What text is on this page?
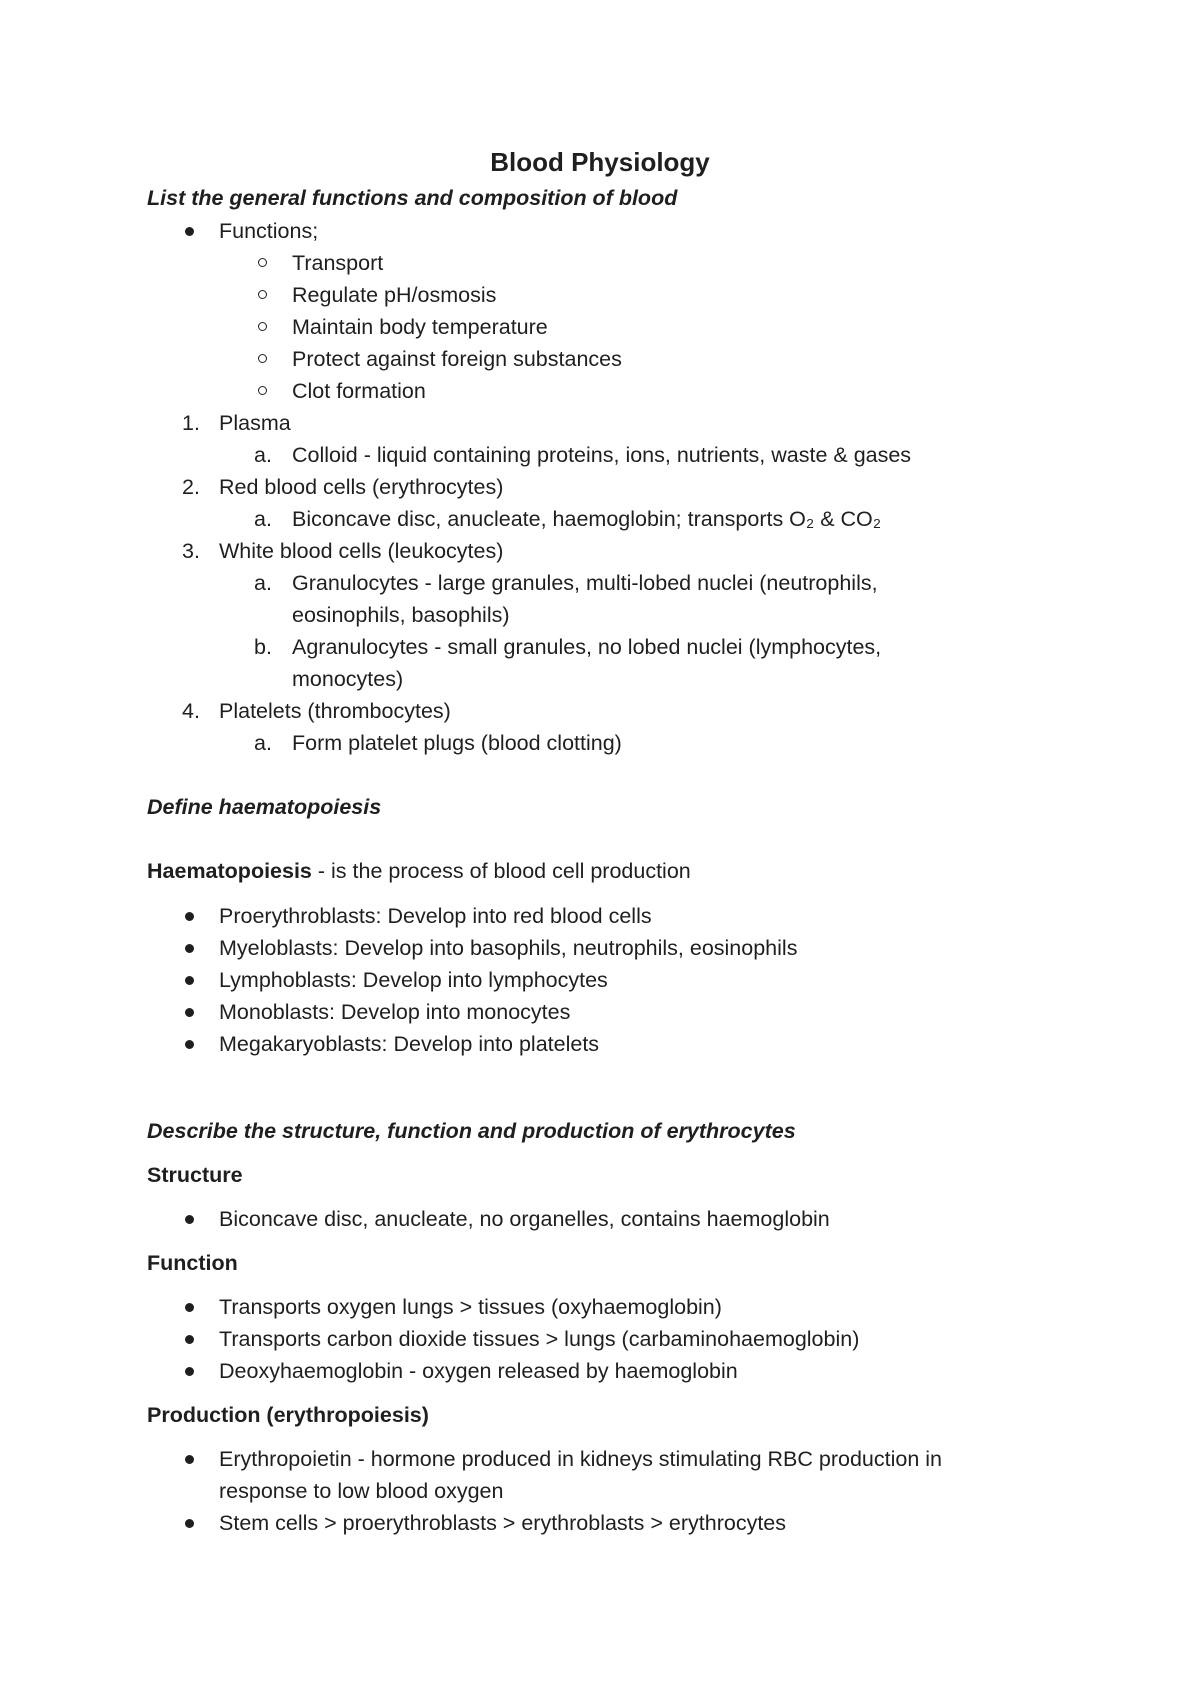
Blood Physiology
List the general functions and composition of blood
Functions;
Transport
Regulate pH/osmosis
Maintain body temperature
Protect against foreign substances
Clot formation
1. Plasma
a. Colloid - liquid containing proteins, ions, nutrients, waste & gases
2. Red blood cells (erythrocytes)
a. Biconcave disc, anucleate, haemoglobin; transports O₂ & CO₂
3. White blood cells (leukocytes)
a. Granulocytes - large granules, multi-lobed nuclei (neutrophils,
eosinophils, basophils)
b. Agranulocytes - small granules, no lobed nuclei (lymphocytes,
monocytes)
4. Platelets (thrombocytes)
a. Form platelet plugs (blood clotting)
Define haematopoiesis
Haematopoiesis - is the process of blood cell production
Proerythroblasts: Develop into red blood cells
Myeloblasts: Develop into basophils, neutrophils, eosinophils
Lymphoblasts: Develop into lymphocytes
Monoblasts: Develop into monocytes
Megakaryoblasts: Develop into platelets
Describe the structure, function and production of erythrocytes
Structure
Biconcave disc, anucleate, no organelles, contains haemoglobin
Function
Transports oxygen lungs > tissues (oxyhaemoglobin)
Transports carbon dioxide tissues > lungs (carbaminohaemoglobin)
Deoxyhaemoglobin - oxygen released by haemoglobin
Production (erythropoiesis)
Erythropoietin - hormone produced in kidneys stimulating RBC production in
response to low blood oxygen
Stem cells > proerythroblasts > erythroblasts > erythrocytes
